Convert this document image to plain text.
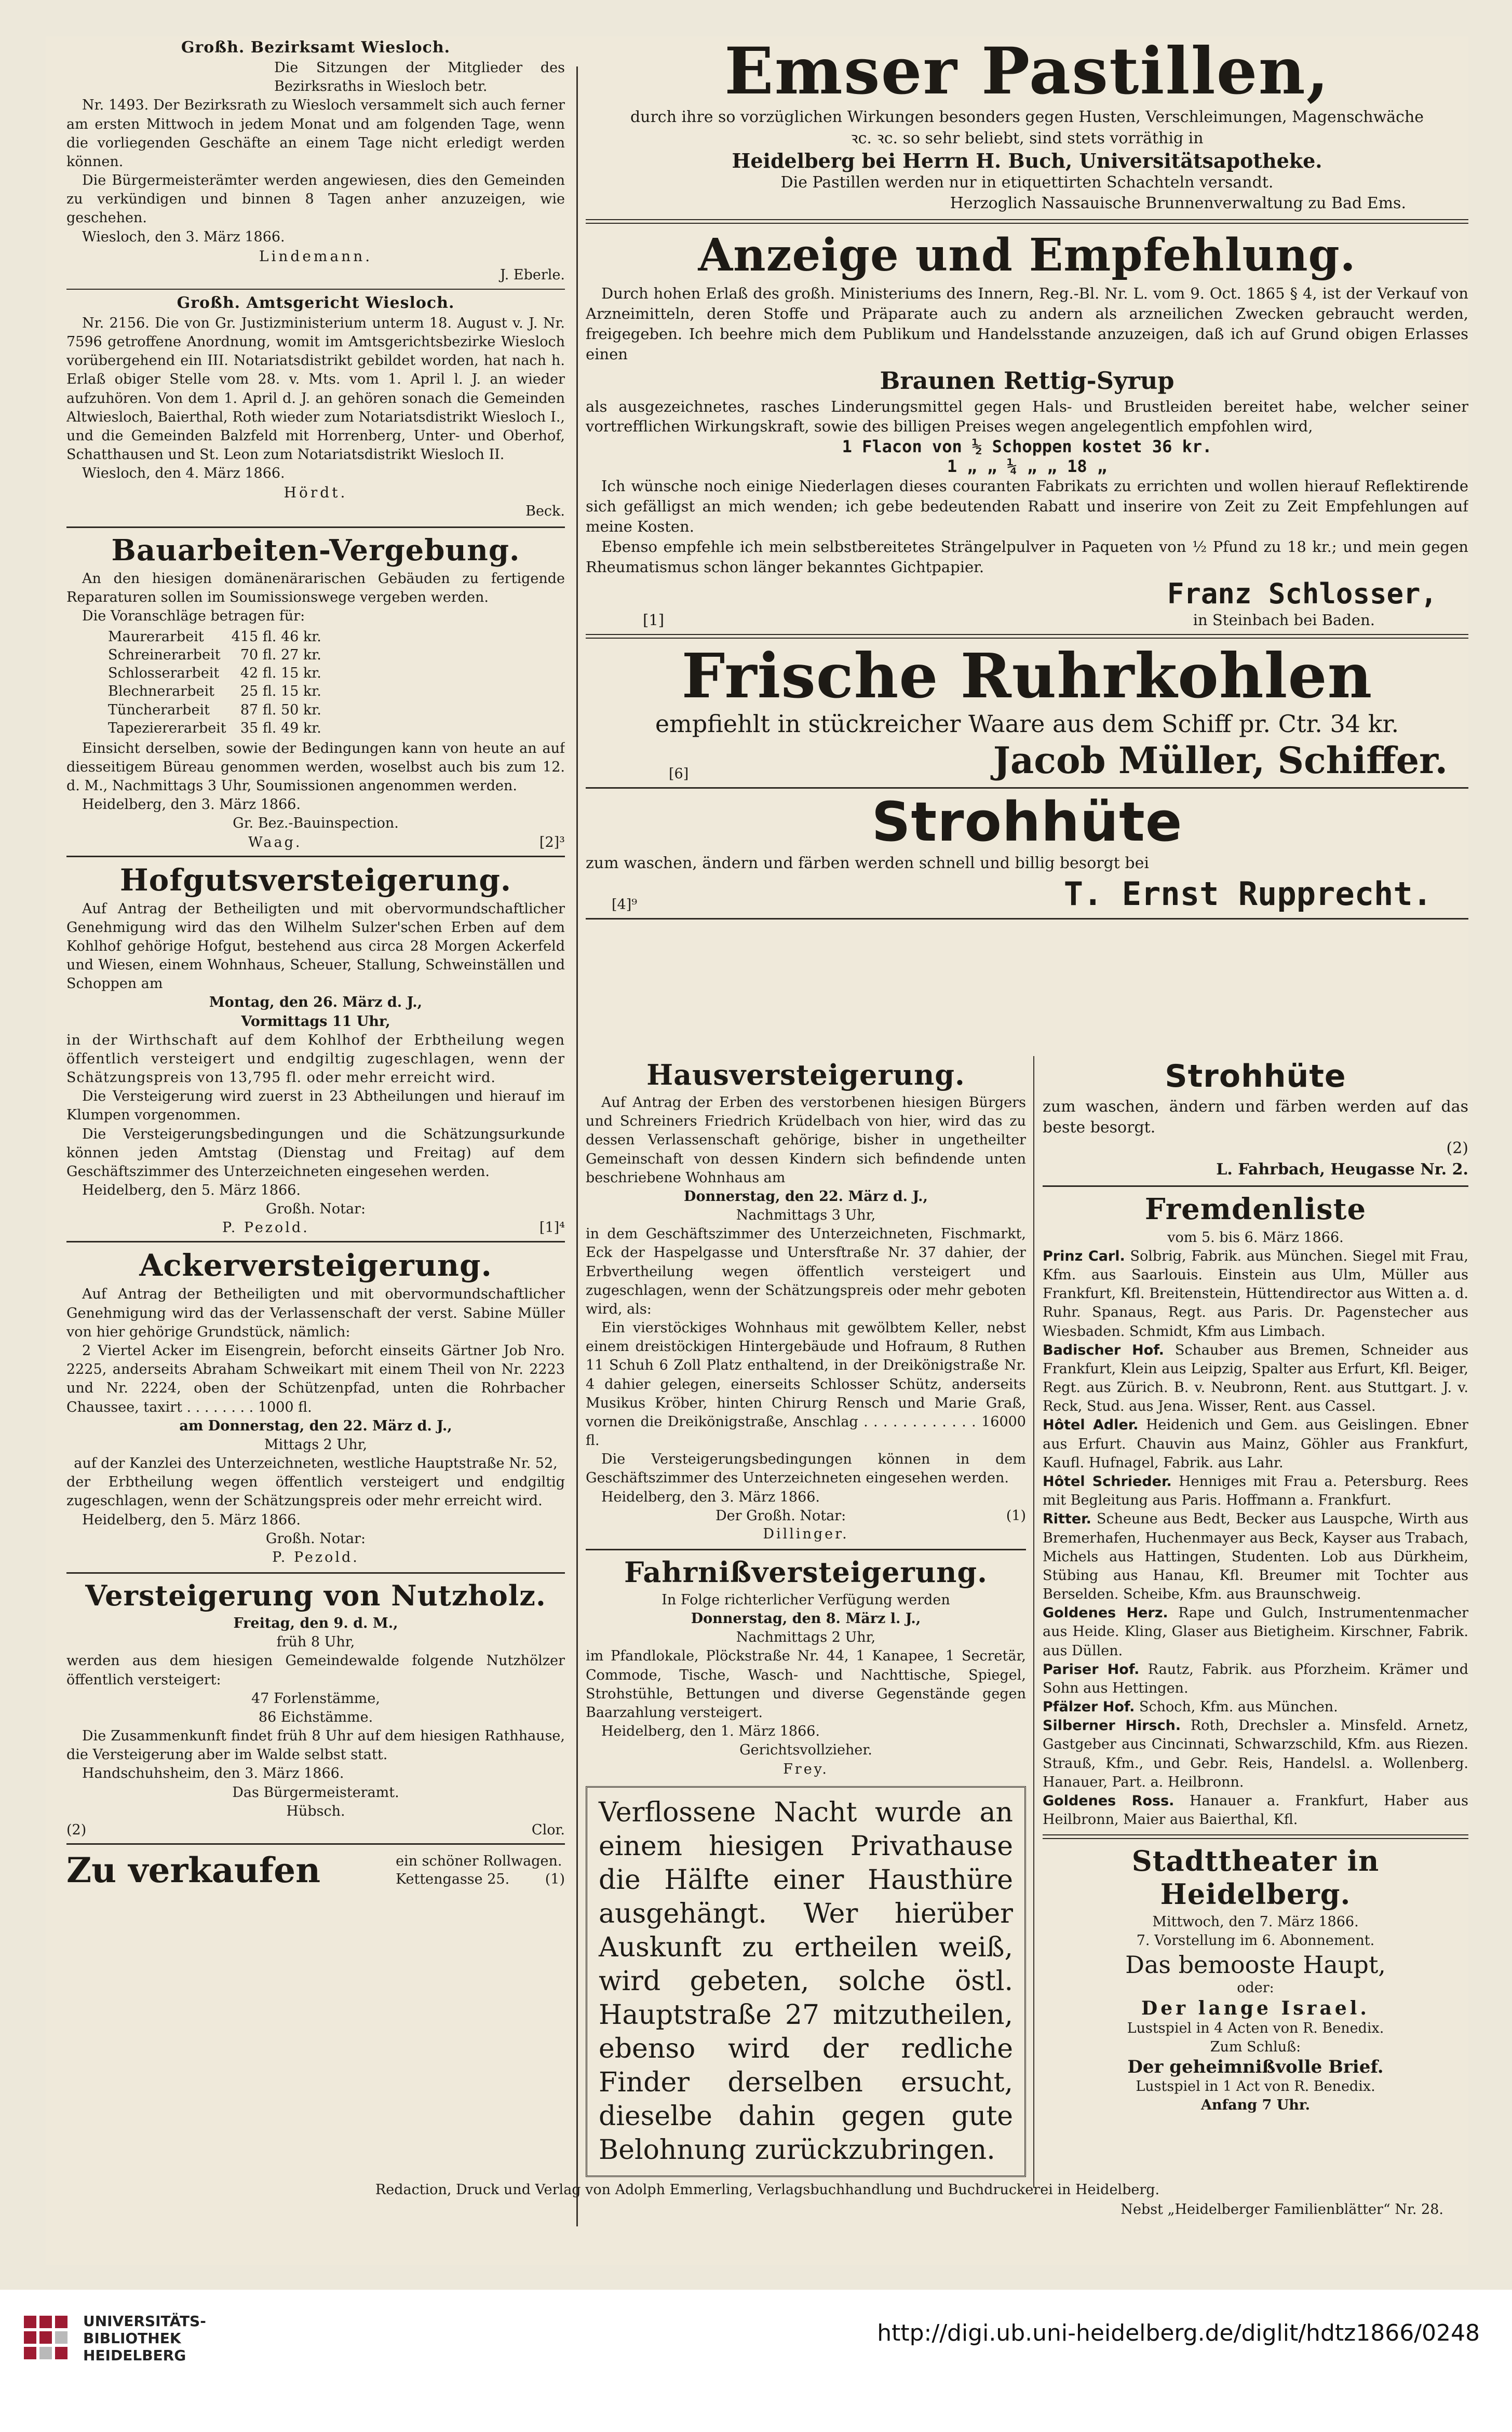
Großh. Bezirksamt Wiesloch.

Die Sitzungen der Mitglieder des Bezirksraths in Wiesloch betr.

Nr. 1493. Der Bezirksrath zu Wiesloch versammelt sich auch ferner am ersten Mittwoch in jedem Monat und am folgenden Tage, wenn die vorliegenden Geschäfte an einem Tage nicht erledigt werden können.

Die Bürgermeisterämter werden angewiesen, dies den Gemeinden zu verkündigen und binnen 8 Tagen anher anzuzeigen, wie geschehen.

Wiesloch, den 3. März 1866.

Lindemann.
J. Eberle.
Großh. Amtsgericht Wiesloch.

Nr. 2156. Die von Gr. Justizministerium unterm 18. August v. J. Nr. 7596 getroffene Anordnung, womit im Amtsgerichtsbezirke Wiesloch vorübergehend ein III. Notariatsdistrikt gebildet worden, hat nach h. Erlaß obiger Stelle vom 28. v. Mts. vom 1. April l. J. an wieder aufzuhören. Von dem 1. April d. J. an gehören sonach die Gemeinden Altwiesloch, Baierthal, Roth wieder zum Notariatsdistrikt Wiesloch I., und die Gemeinden Balzfeld mit Horrenberg, Unter- und Oberhof, Schatthausen und St. Leon zum Notariatsdistrikt Wiesloch II.

Wiesloch, den 4. März 1866.

Hördt.
Beck.
Bauarbeiten-Vergebung.

An den hiesigen domänenärarischen Gebäuden zu fertigende Reparaturen sollen im Soumissionswege vergeben werden.

Die Voranschläge betragen für:

Maurerarbeit	415 fl. 46 kr.
Schreinerarbeit	70 fl. 27 kr.
Schlosserarbeit	42 fl. 15 kr.
Blechnerarbeit	25 fl. 15 kr.
Tüncherarbeit	87 fl. 50 kr.
Tapeziererarbeit	35 fl. 49 kr.

Einsicht derselben, sowie der Bedingungen kann von heute an auf diesseitigem Büreau genommen werden, woselbst auch bis zum 12. d. M., Nachmittags 3 Uhr, Soumissionen angenommen werden.

Heidelberg, den 3. März 1866.

Gr. Bez.-Bauinspection.
Waag.	[2]³
Hofgutsversteigerung.

Auf Antrag der Betheiligten und mit obervormundschaftlicher Genehmigung wird das den Wilhelm Sulzer'schen Erben auf dem Kohlhof gehörige Hofgut, bestehend aus circa 28 Morgen Ackerfeld und Wiesen, einem Wohnhaus, Scheuer, Stallung, Schweinställen und Schoppen am

Montag, den 26. März d. J.,
Vormittags 11 Uhr,

in der Wirthschaft auf dem Kohlhof der Erbtheilung wegen öffentlich versteigert und endgiltig zugeschlagen, wenn der Schätzungspreis von 13,795 fl. oder mehr erreicht wird.

Die Versteigerung wird zuerst in 23 Abtheilungen und hierauf im Klumpen vorgenommen.

Die Versteigerungsbedingungen und die Schätzungsurkunde können jeden Amtstag (Dienstag und Freitag) auf dem Geschäftszimmer des Unterzeichneten eingesehen werden.

Heidelberg, den 5. März 1866.

Großh. Notar:
P. Pezold.	[1]⁴
Ackerversteigerung.

Auf Antrag der Betheiligten und mit obervormundschaftlicher Genehmigung wird das der Verlassenschaft der verst. Sabine Müller von hier gehörige Grundstück, nämlich:

2 Viertel Acker im Eisengrein, beforcht einseits Gärtner Job Nro. 2225, anderseits Abraham Schweikart mit einem Theil von Nr. 2223 und Nr. 2224, oben der Schützenpfad, unten die Rohrbacher Chaussee, taxirt . . . . . . . . 1000 fl.

am Donnerstag, den 22. März d. J.,
Mittags 2 Uhr,

auf der Kanzlei des Unterzeichneten, westliche Hauptstraße Nr. 52,

der Erbtheilung wegen öffentlich versteigert und endgiltig zugeschlagen, wenn der Schätzungspreis oder mehr erreicht wird.

Heidelberg, den 5. März 1866.

Großh. Notar:
P. Pezold.
Versteigerung von Nutzholz.
Freitag, den 9. d. M.,
früh 8 Uhr,

werden aus dem hiesigen Gemeindewalde folgende Nutzhölzer öffentlich versteigert:

47 Forlenstämme,
86 Eichstämme.

Die Zusammenkunft findet früh 8 Uhr auf dem hiesigen Rathhause, die Versteigerung aber im Walde selbst statt.

Handschuhsheim, den 3. März 1866.

Das Bürgermeisteramt.
Hübsch.
(2)	Clor.
Zu verkaufen	ein schöner Rollwagen.
Kettengasse 25.	(1)
Emser Pastillen,
durch ihre so vorzüglichen Wirkungen besonders gegen Husten, Verschleimungen, Magenschwäche
ꝛc. ꝛc. so sehr beliebt, sind stets vorräthig in
Heidelberg bei Herrn H. Buch, Universitätsapotheke.
Die Pastillen werden nur in etiquettirten Schachteln versandt.
Herzoglich Nassauische Brunnenverwaltung zu Bad Ems.
Anzeige und Empfehlung.

Durch hohen Erlaß des großh. Ministeriums des Innern, Reg.-Bl. Nr. L. vom 9. Oct. 1865 § 4, ist der Verkauf von Arzneimitteln, deren Stoffe und Präparate auch zu andern als arzneilichen Zwecken gebraucht werden, freigegeben. Ich beehre mich dem Publikum und Handelsstande anzuzeigen, daß ich auf Grund obigen Erlasses einen

Braunen Rettig-Syrup

als ausgezeichnetes, rasches Linderungsmittel gegen Hals- und Brustleiden bereitet habe, welcher seiner vortrefflichen Wirkungskraft, sowie des billigen Preises wegen angelegentlich empfohlen wird,

1 Flacon von ½ Schoppen kostet 36 kr.
1 „ „ ¼ „ „ 18 „

Ich wünsche noch einige Niederlagen dieses couranten Fabrikats zu errichten und wollen hierauf Reflektirende sich gefälligst an mich wenden; ich gebe bedeutenden Rabatt und inserire von Zeit zu Zeit Empfehlungen auf meine Kosten.

Ebenso empfehle ich mein selbstbereitetes Strängelpulver in Paqueten von ½ Pfund zu 18 kr.; und mein gegen Rheumatismus schon länger bekanntes Gichtpapier.

Franz Schlosser,
[1]	in Steinbach bei Baden.
Frische Ruhrkohlen
empfiehlt in stückreicher Waare aus dem Schiff pr. Ctr. 34 kr.
[6]	Jacob Müller, Schiffer.
Strohhüte
zum waschen, ändern und färben werden schnell und billig besorgt bei
[4]⁹	T. Ernst Rupprecht.
Hausversteigerung.

Auf Antrag der Erben des verstorbenen hiesigen Bürgers und Schreiners Friedrich Krüdelbach von hier, wird das zu dessen Verlassenschaft gehörige, bisher in ungetheilter Gemeinschaft von dessen Kindern sich befindende unten beschriebene Wohnhaus am

Donnerstag, den 22. März d. J.,
Nachmittags 3 Uhr,

in dem Geschäftszimmer des Unterzeichneten, Fischmarkt, Eck der Haspelgasse und Untersftraße Nr. 37 dahier, der Erbvertheilung wegen öffentlich versteigert und zugeschlagen, wenn der Schätzungspreis oder mehr geboten wird, als:

Ein vierstöckiges Wohnhaus mit gewölbtem Keller, nebst einem dreistöckigen Hintergebäude und Hofraum, 8 Ruthen 11 Schuh 6 Zoll Platz enthaltend, in der Dreikönigstraße Nr. 4 dahier gelegen, einerseits Schlosser Schütz, anderseits Musikus Kröber, hinten Chirurg Rensch und Marie Graß, vornen die Dreikönigstraße, Anschlag . . . . . . . . . . . . 16000 fl.

Die Versteigerungsbedingungen können in dem Geschäftszimmer des Unterzeichneten eingesehen werden.

Heidelberg, den 3. März 1866.

Der Großh. Notar:	(1)
Dillinger.
Fahrnißversteigerung.
In Folge richterlicher Verfügung werden
Donnerstag, den 8. März l. J.,
Nachmittags 2 Uhr,

im Pfandlokale, Plöckstraße Nr. 44, 1 Kanapee, 1 Secretär, Commode, Tische, Wasch- und Nachttische, Spiegel, Strohstühle, Bettungen und diverse Gegenstände gegen Baarzahlung versteigert.

Heidelberg, den 1. März 1866.

Gerichtsvollzieher.
Frey.
Verflossene Nacht wurde an einem hiesigen Privathause die Hälfte einer Hausthüre ausgehängt. Wer hierüber Auskunft zu ertheilen weiß, wird gebeten, solche östl. Hauptstraße 27 mitzutheilen, ebenso wird der redliche Finder derselben ersucht, dieselbe dahin gegen gute Belohnung zurückzubringen.
Strohhüte

zum waschen, ändern und färben werden auf das beste besorgt.

(2)
L. Fahrbach, Heugasse Nr. 2.
Fremdenliste
vom 5. bis 6. März 1866.

Prinz Carl. Solbrig, Fabrik. aus München. Siegel mit Frau, Kfm. aus Saarlouis. Einstein aus Ulm, Müller aus Frankfurt, Kfl. Breitenstein, Hüttendirector aus Witten a. d. Ruhr. Spanaus, Regt. aus Paris. Dr. Pagenstecher aus Wiesbaden. Schmidt, Kfm aus Limbach.

Badischer Hof. Schauber aus Bremen, Schneider aus Frankfurt, Klein aus Leipzig, Spalter aus Erfurt, Kfl. Beiger, Regt. aus Zürich. B. v. Neubronn, Rent. aus Stuttgart. J. v. Reck, Stud. aus Jena. Wisser, Rent. aus Cassel.

Hôtel Adler. Heidenich und Gem. aus Geislingen. Ebner aus Erfurt. Chauvin aus Mainz, Göhler aus Frankfurt, Kaufl. Hufnagel, Fabrik. aus Lahr.

Hôtel Schrieder. Henniges mit Frau a. Petersburg. Rees mit Begleitung aus Paris. Hoffmann a. Frankfurt.

Ritter. Scheune aus Bedt, Becker aus Lauspche, Wirth aus Bremerhafen, Huchenmayer aus Beck, Kayser aus Trabach, Michels aus Hattingen, Studenten. Lob aus Dürkheim, Stübing aus Hanau, Kfl. Breumer mit Tochter aus Berselden. Scheibe, Kfm. aus Braunschweig.

Goldenes Herz. Rape und Gulch, Instrumentenmacher aus Heide. Kling, Glaser aus Bietigheim. Kirschner, Fabrik. aus Düllen.

Pariser Hof. Rautz, Fabrik. aus Pforzheim. Krämer und Sohn aus Hettingen.

Pfälzer Hof. Schoch, Kfm. aus München.

Silberner Hirsch. Roth, Drechsler a. Minsfeld. Arnetz, Gastgeber aus Cincinnati, Schwarzschild, Kfm. aus Riezen. Strauß, Kfm., und Gebr. Reis, Handelsl. a. Wollenberg. Hanauer, Part. a. Heilbronn.

Goldenes Ross. Hanauer a. Frankfurt, Haber aus Heilbronn, Maier aus Baierthal, Kfl.

Stadttheater in Heidelberg.
Mittwoch, den 7. März 1866.
7. Vorstellung im 6. Abonnement.
Das bemooste Haupt,
oder:
Der lange Israel.
Lustspiel in 4 Acten von R. Benedix.
Zum Schluß:
Der geheimnißvolle Brief.
Lustspiel in 1 Act von R. Benedix.
Anfang 7 Uhr.
Redaction, Druck und Verlag von Adolph Emmerling, Verlagsbuchhandlung und Buchdruckerei in Heidelberg.
Nebst „Heidelberger Familienblätter“ Nr. 28.
UNIVERSITÄTS-
BIBLIOTHEK
HEIDELBERG
http://digi.ub.uni-heidelberg.de/diglit/hdtz1866/0248
